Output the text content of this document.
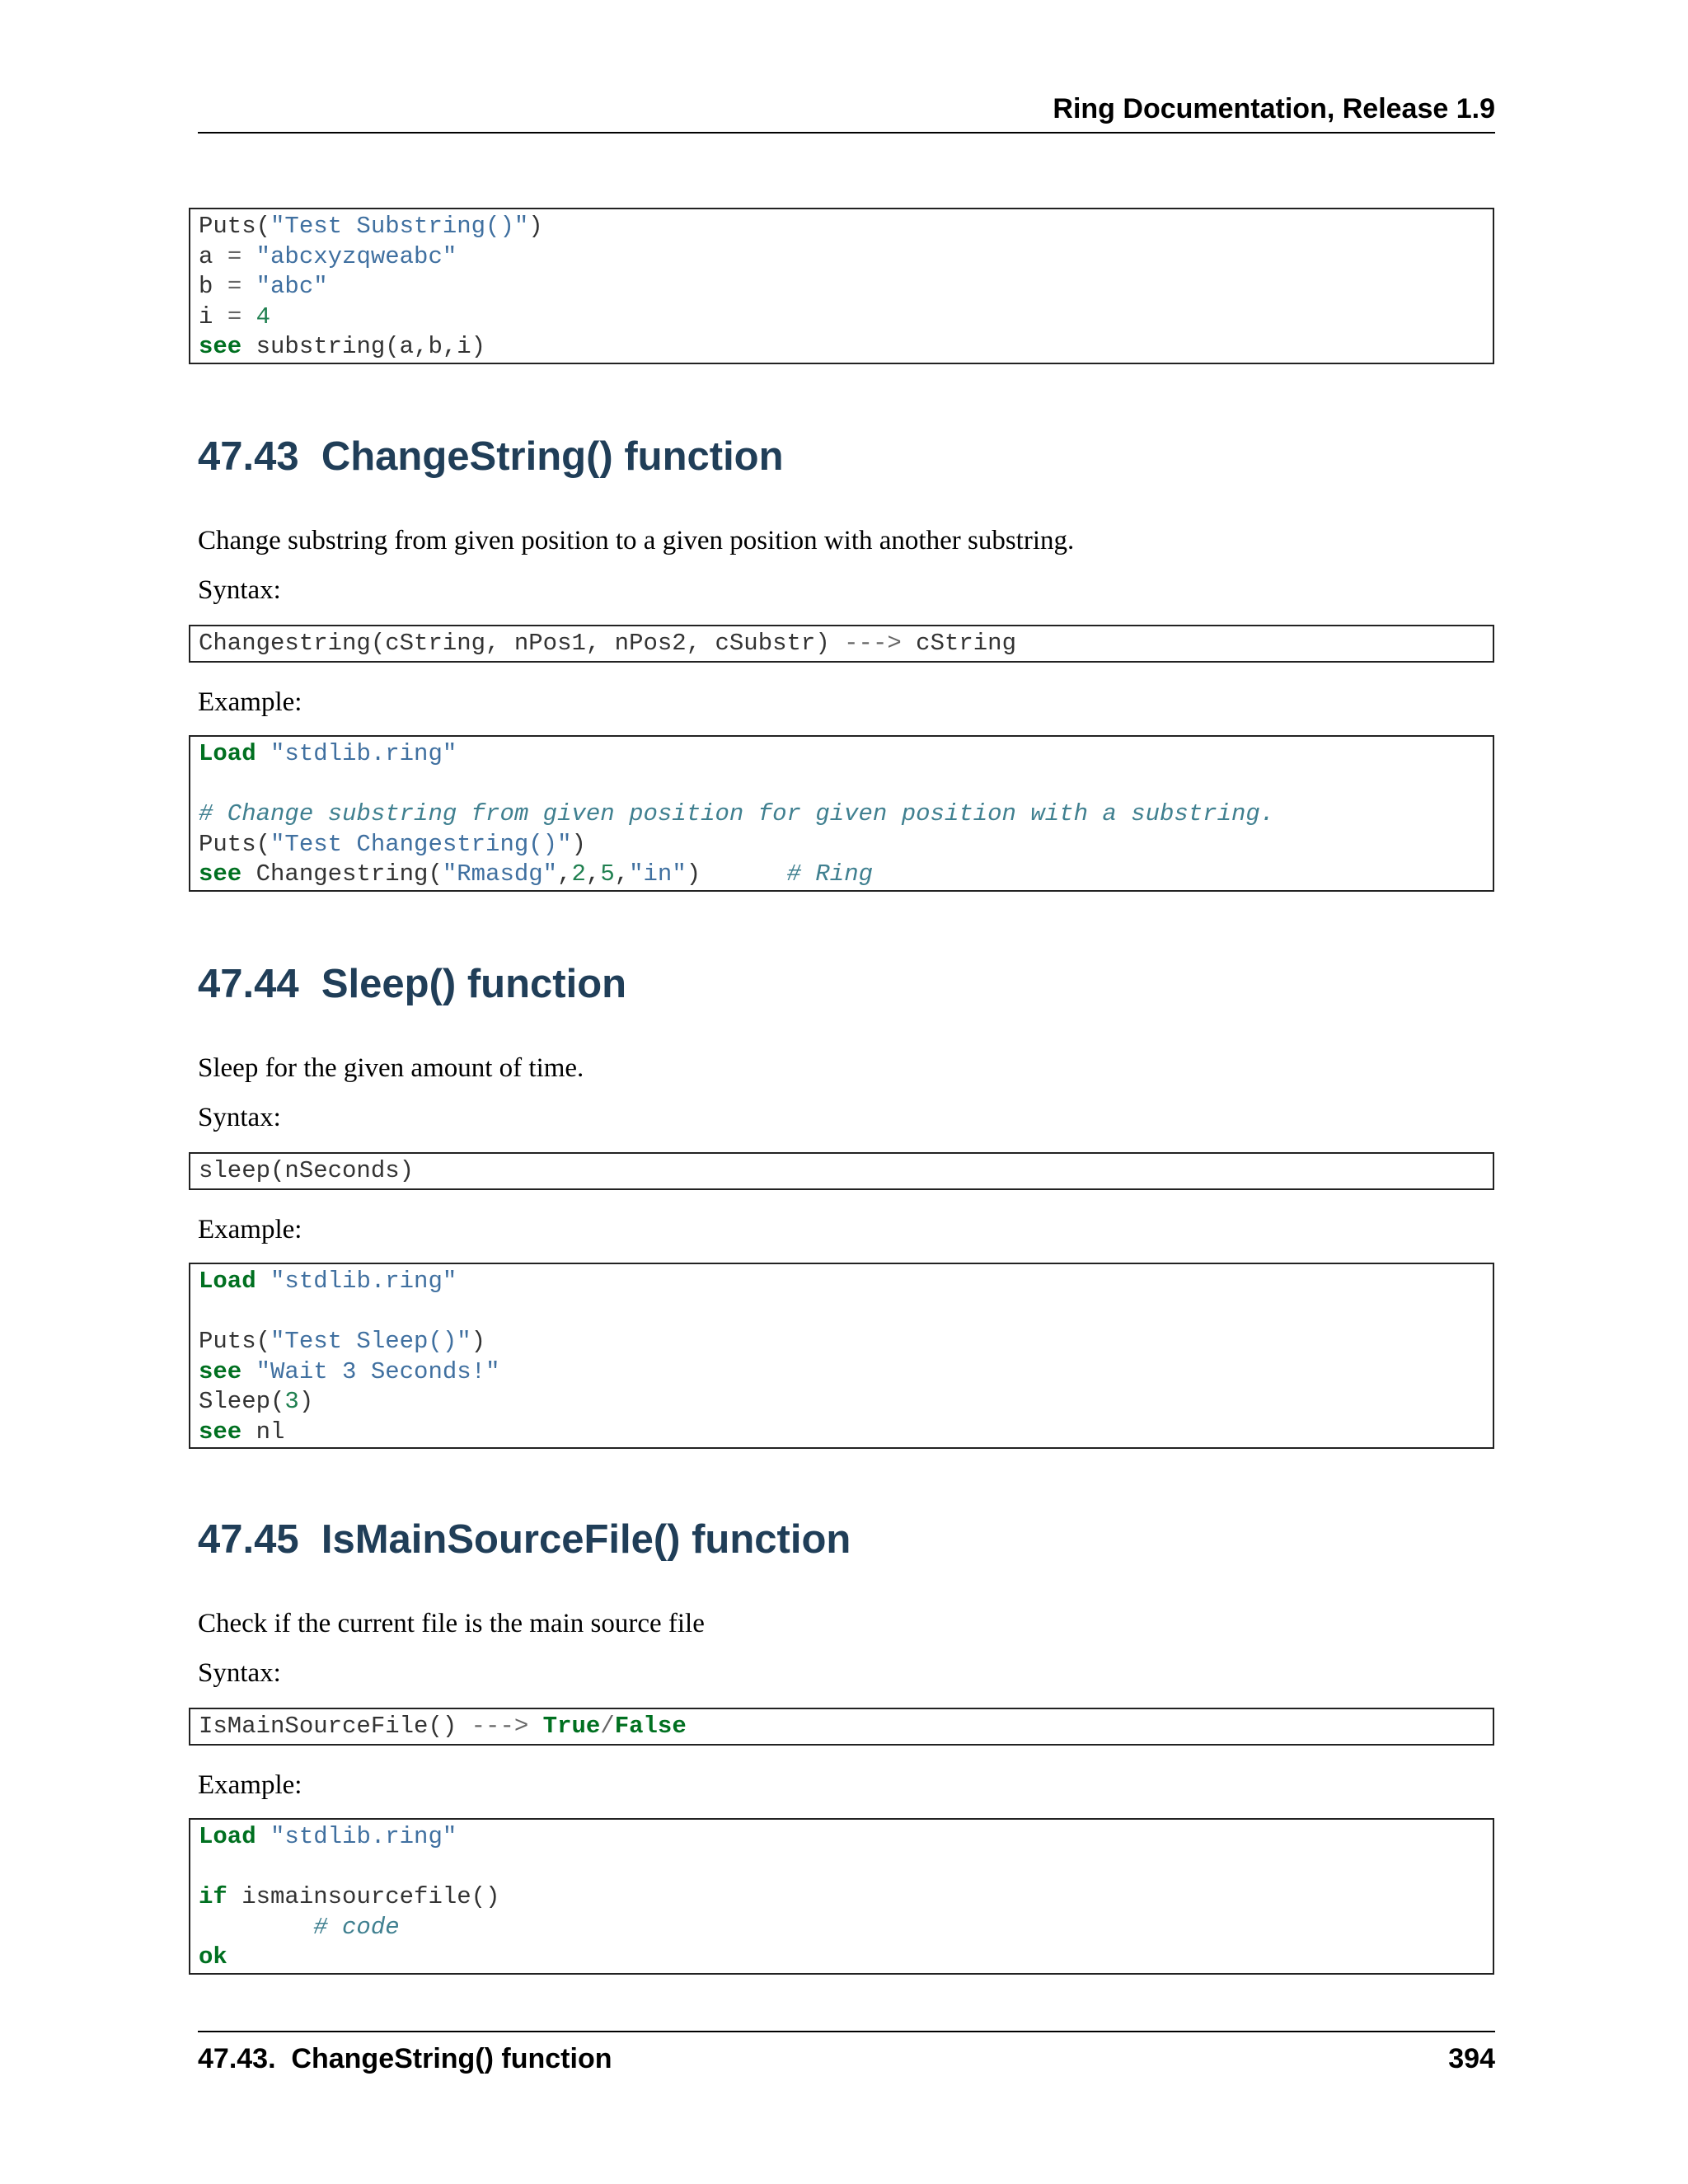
Ring Documentation, Release 1.9
Puts("Test Substring()")
a = "abcxyzqweabc"
b = "abc"
i = 4
see substring(a,b,i)
47.43  ChangeString() function

Change substring from given position to a given position with another substring.

Syntax:

Changestring(cString, nPos1, nPos2, cSubstr) ---> cString

Example:

Load "stdlib.ring"
# Change substring from given position for given position with a substring.
Puts("Test Changestring()")
see Changestring("Rmasdg",2,5,"in")      # Ring
47.44  Sleep() function

Sleep for the given amount of time.

Syntax:

sleep(nSeconds)

Example:

Load "stdlib.ring"
Puts("Test Sleep()")
see "Wait 3 Seconds!"
Sleep(3)
see nl
47.45  IsMainSourceFile() function

Check if the current file is the main source file

Syntax:

IsMainSourceFile() ---> True/False

Example:

Load "stdlib.ring"
if ismainsourcefile()
# code
ok
47.43.  ChangeString() function	394
